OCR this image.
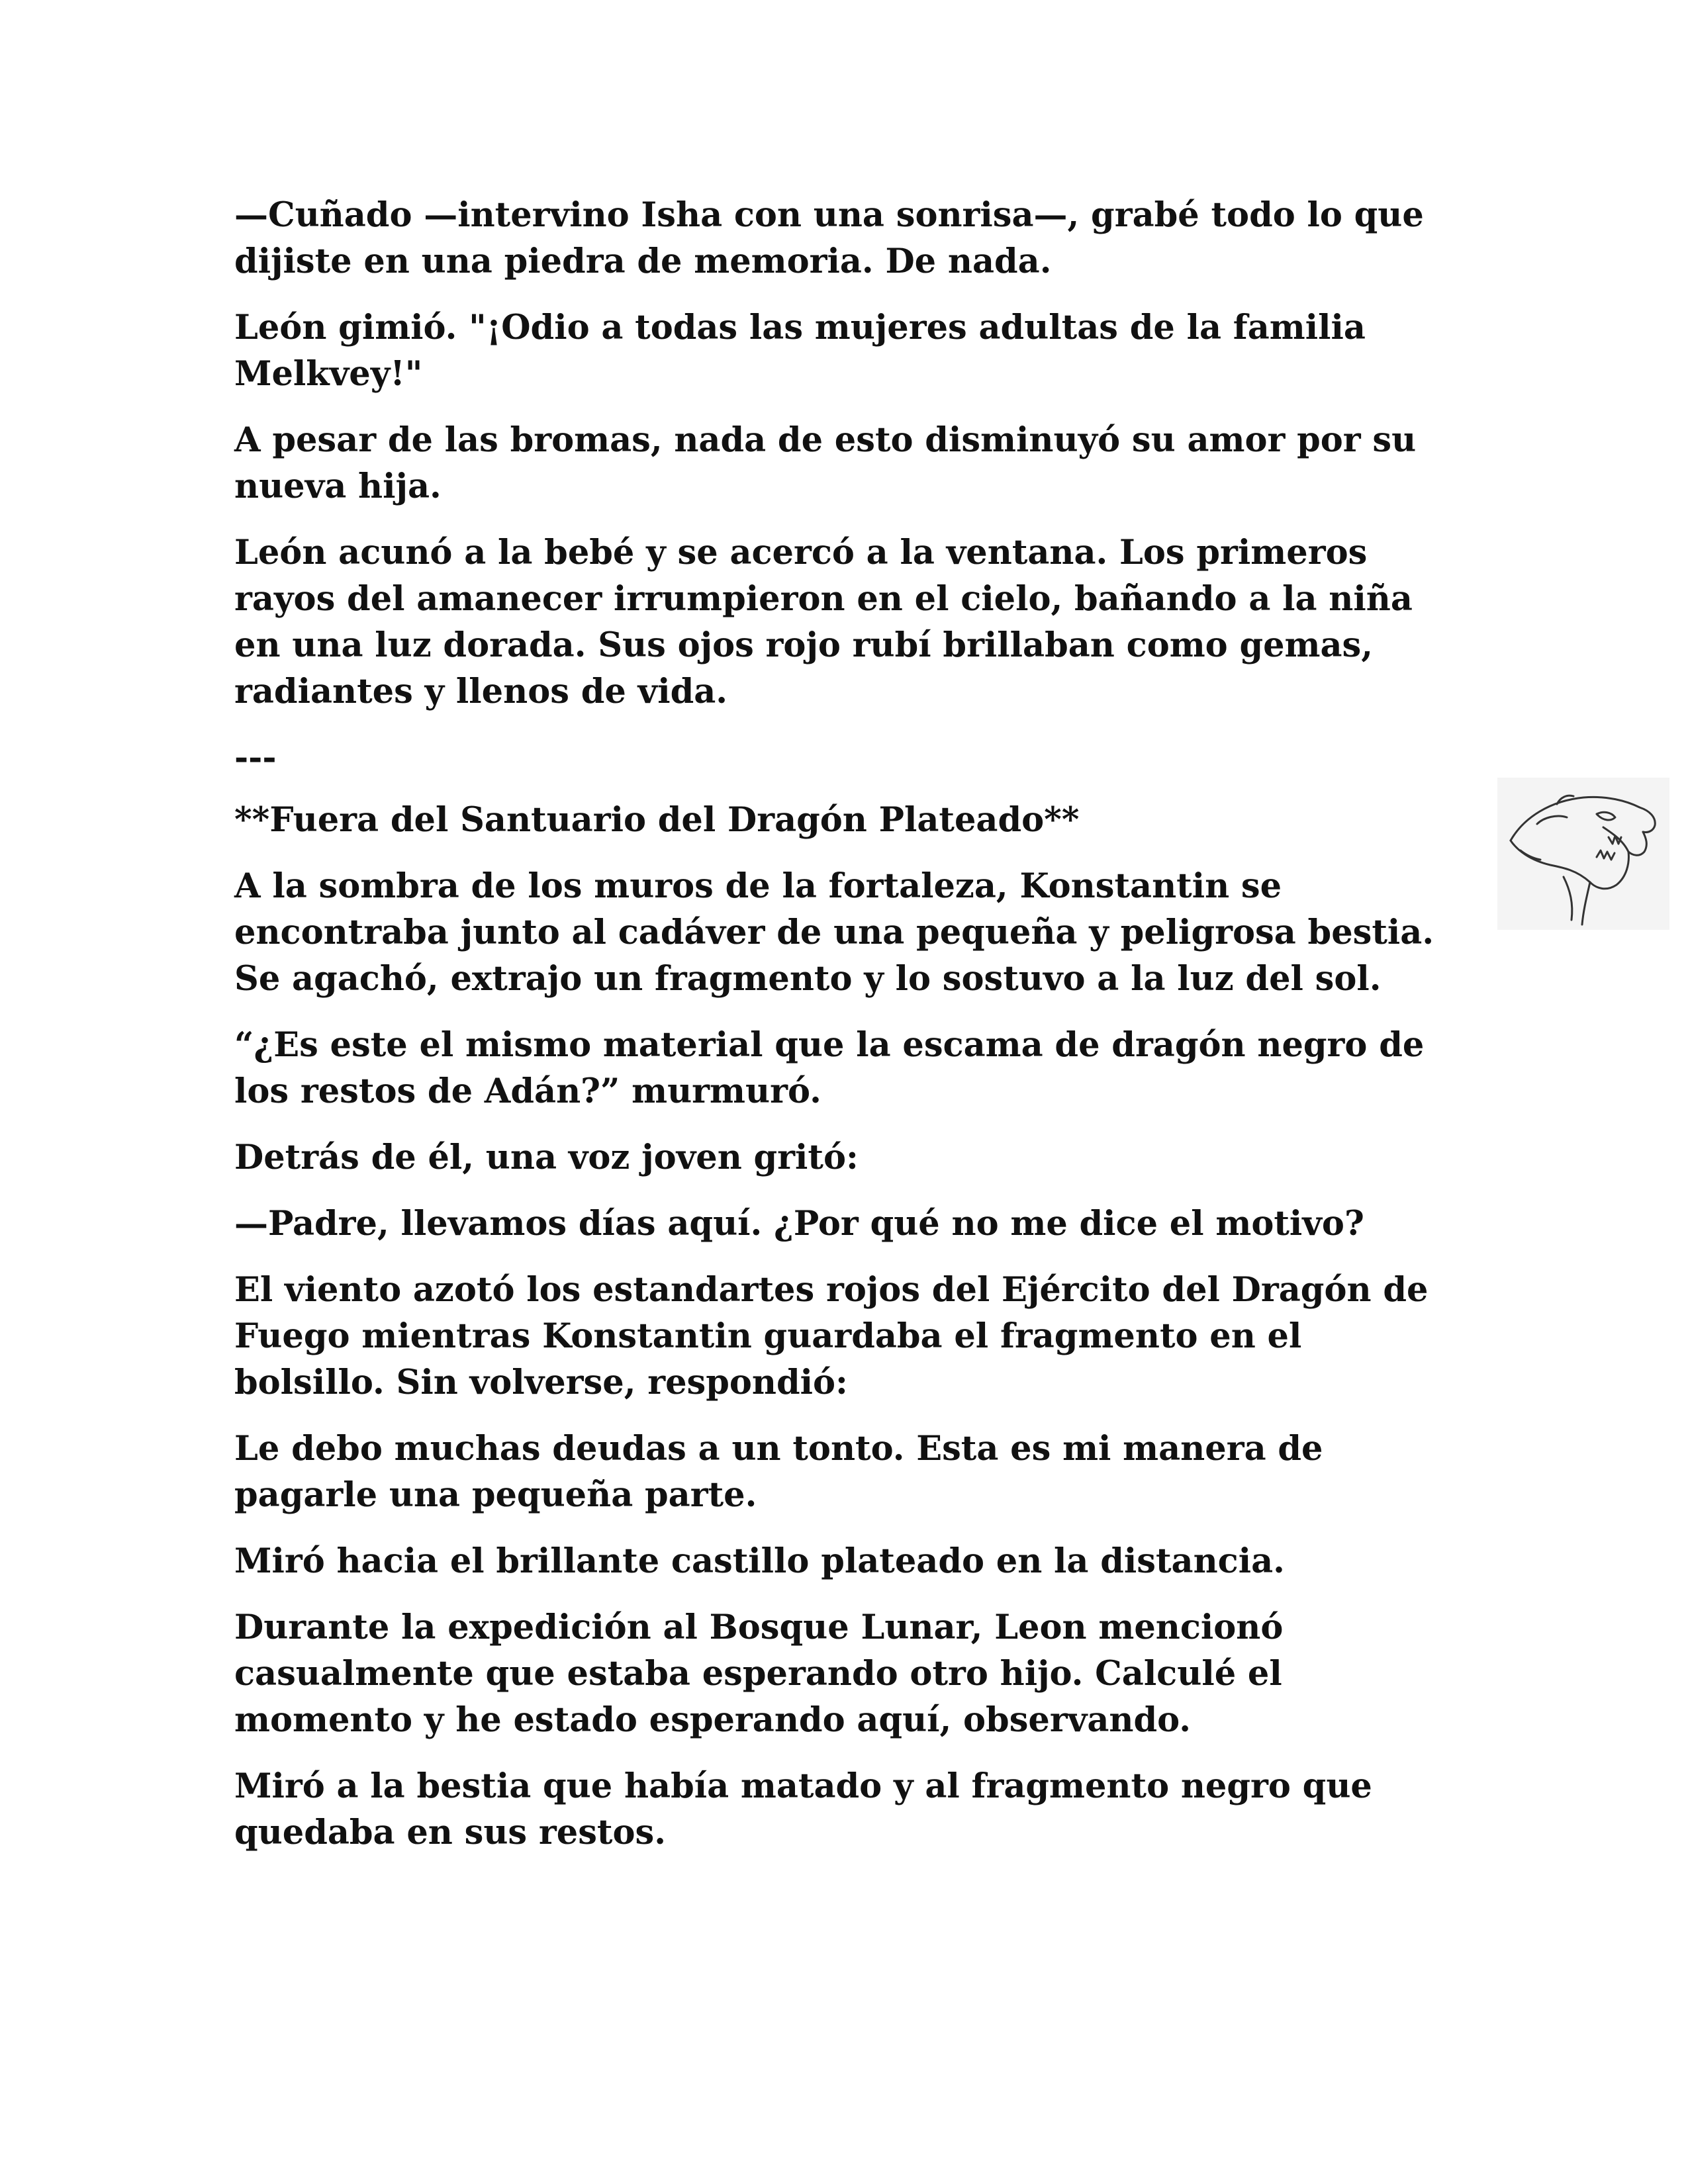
—Cuñado —intervino Isha con una sonrisa—, grabé todo lo que dijiste en una piedra de memoria. De nada.

León gimió. "¡Odio a todas las mujeres adultas de la familia Melkvey!"

A pesar de las bromas, nada de esto disminuyó su amor por su nueva hija.

León acunó a la bebé y se acercó a la ventana. Los primeros rayos del amanecer irrumpieron en el cielo, bañando a la niña en una luz dorada. Sus ojos rojo rubí brillaban como gemas, radiantes y llenos de vida.

---

**Fuera del Santuario del Dragón Plateado**

A la sombra de los muros de la fortaleza, Konstantin se encontraba junto al cadáver de una pequeña y peligrosa bestia. Se agachó, extrajo un fragmento y lo sostuvo a la luz del sol.

“¿Es este el mismo material que la escama de dragón negro de los restos de Adán?” murmuró.

Detrás de él, una voz joven gritó:

—Padre, llevamos días aquí. ¿Por qué no me dice el motivo?

El viento azotó los estandartes rojos del Ejército del Dragón de Fuego mientras Konstantin guardaba el fragmento en el bolsillo. Sin volverse, respondió:

Le debo muchas deudas a un tonto. Esta es mi manera de pagarle una pequeña parte.

Miró hacia el brillante castillo plateado en la distancia.

Durante la expedición al Bosque Lunar, Leon mencionó casualmente que estaba esperando otro hijo. Calculé el momento y he estado esperando aquí, observando.

Miró a la bestia que había matado y al fragmento negro que quedaba en sus restos.
